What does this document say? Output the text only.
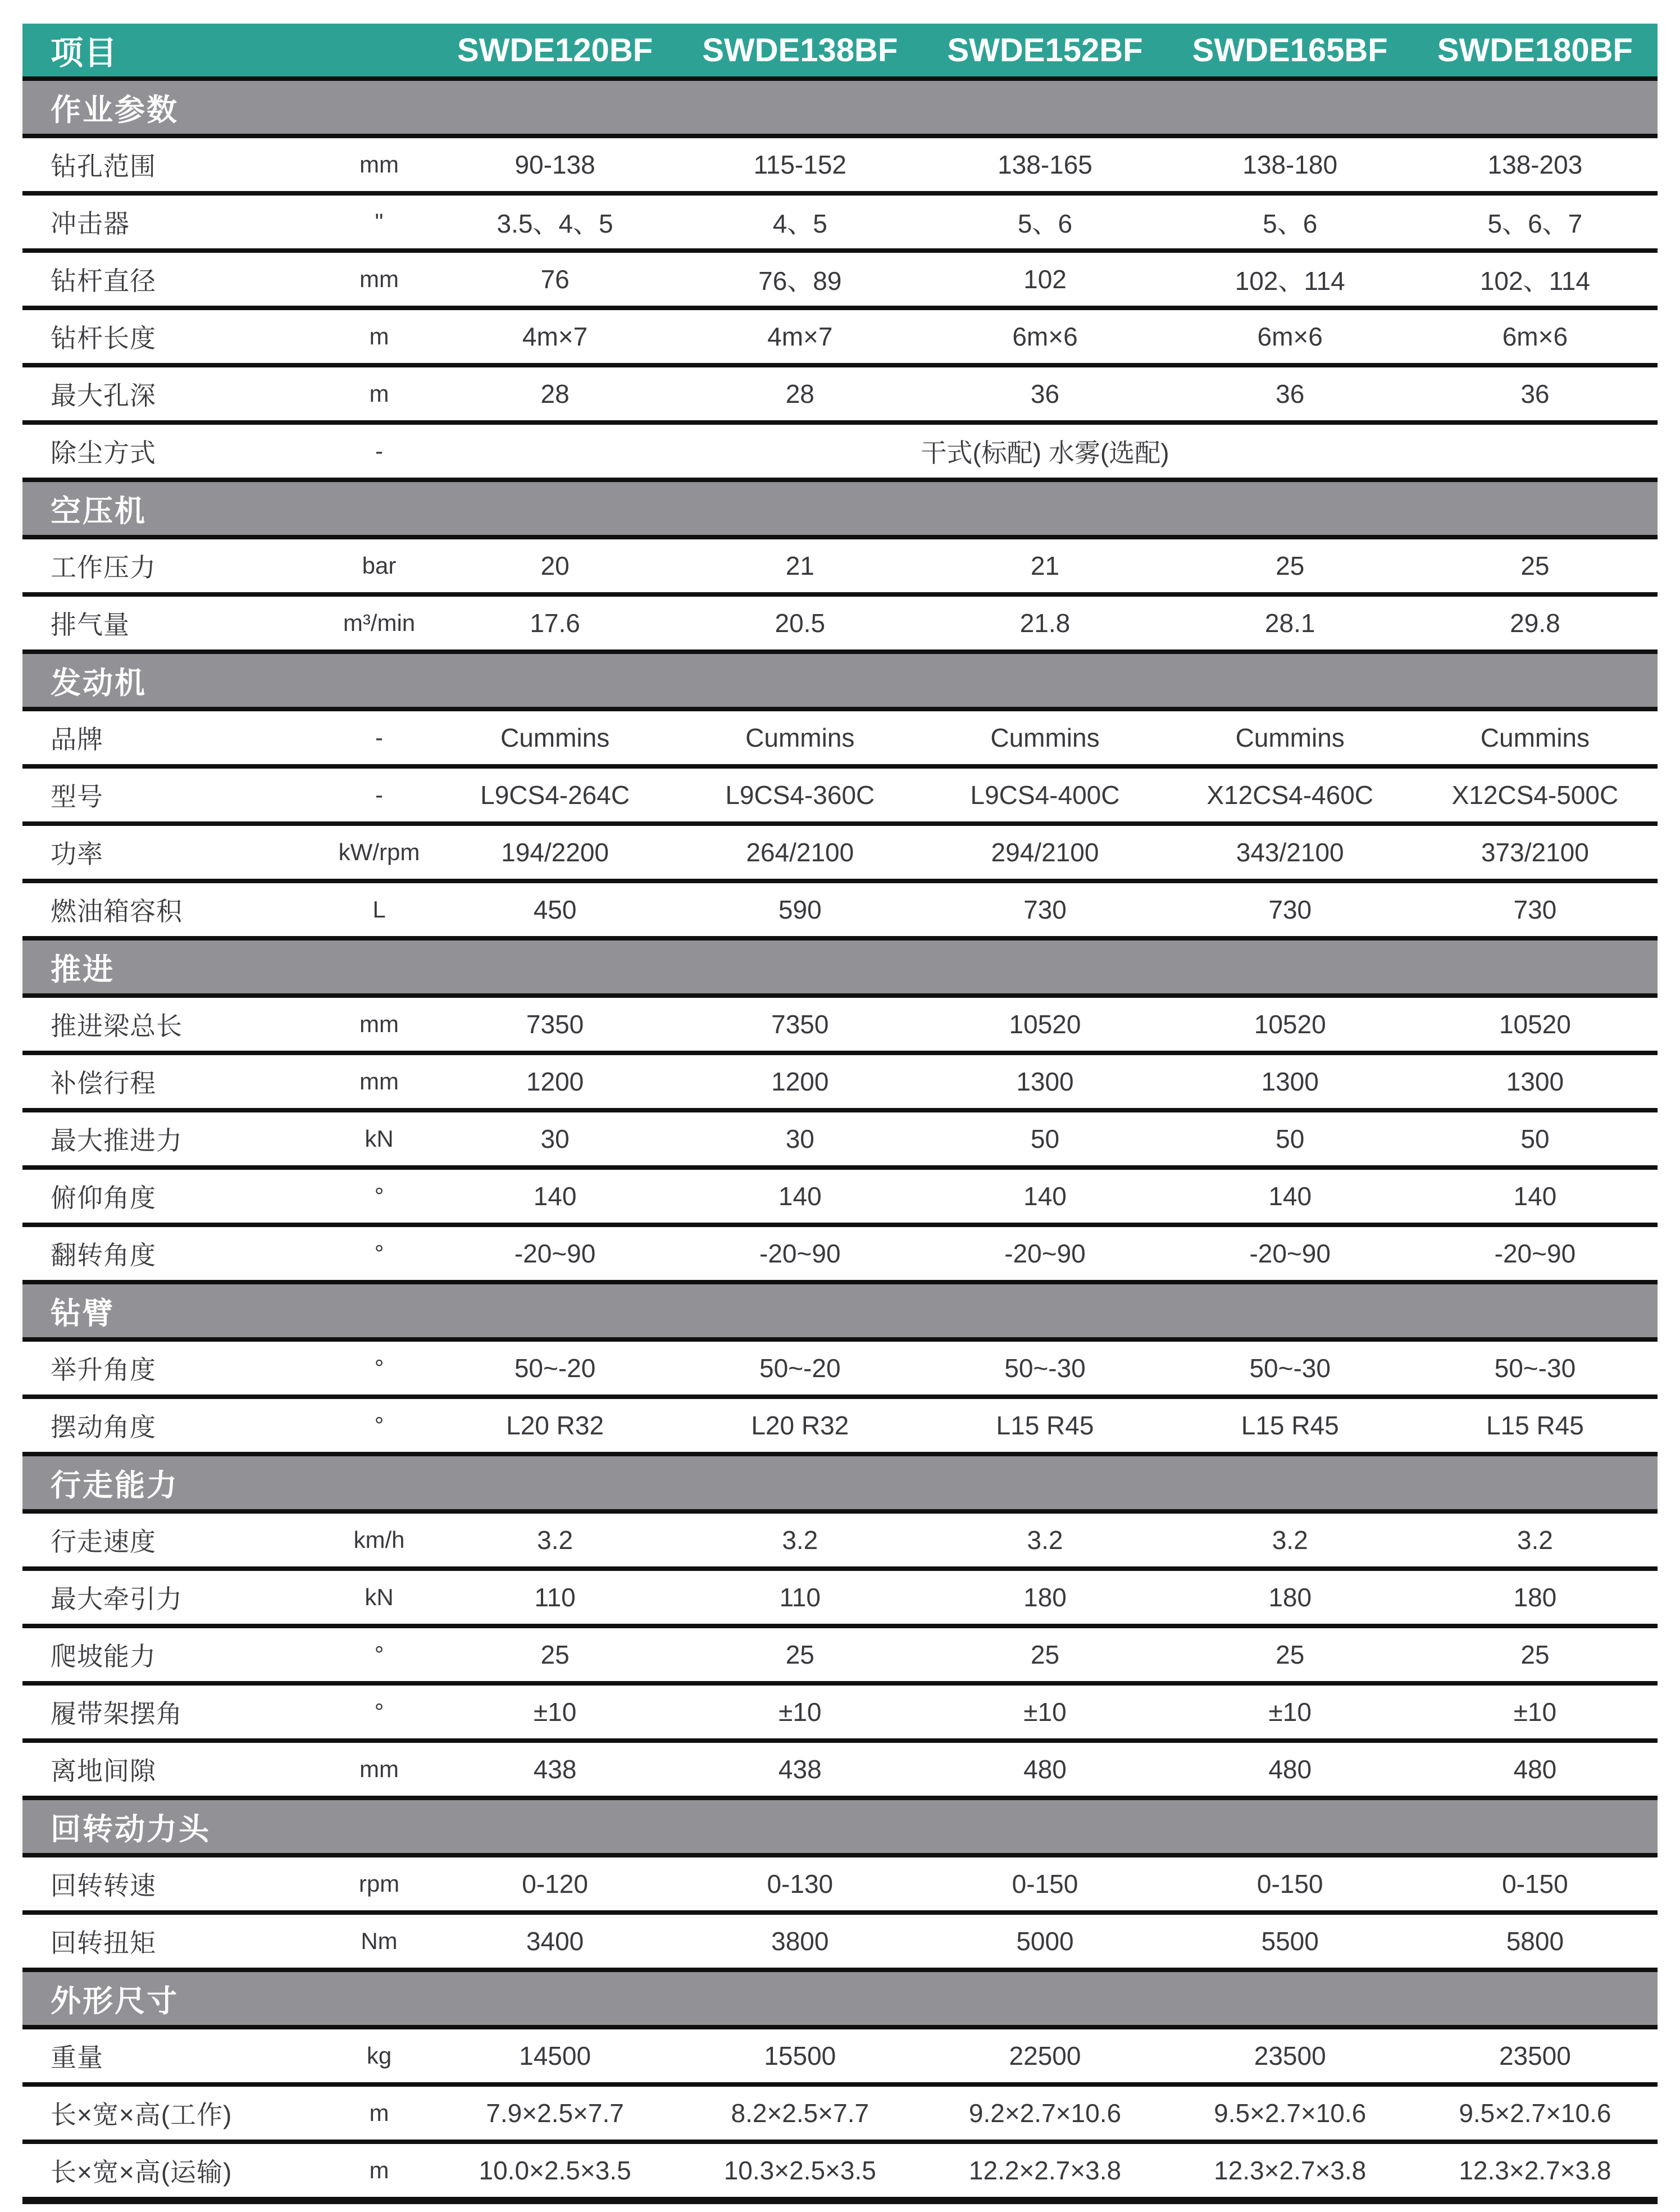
项目	SWDE120BF	SWDE138BF	SWDE152BF	SWDE165BF	SWDE180BF
作业参数
钻孔范围	mm	90-138	115-152	138-165	138-180	138-203
冲击器	"	3.5、4、5	4、5	5、6	5、6	5、6、7
钻杆直径	mm	76	76、89	102	102、114	102、114
钻杆长度	m	4m×7	4m×7	6m×6	6m×6	6m×6
最大孔深	m	28	28	36	36	36
除尘方式	-	干式(标配) 水雾(选配)
空压机
工作压力	bar	20	21	21	25	25
排气量	m³/min	17.6	20.5	21.8	28.1	29.8
发动机
品牌	-	Cummins	Cummins	Cummins	Cummins	Cummins
型号	-	L9CS4-264C	L9CS4-360C	L9CS4-400C	X12CS4-460C	X12CS4-500C
功率	kW/rpm	194/2200	264/2100	294/2100	343/2100	373/2100
燃油箱容积	L	450	590	730	730	730
推进
推进梁总长	mm	7350	7350	10520	10520	10520
补偿行程	mm	1200	1200	1300	1300	1300
最大推进力	kN	30	30	50	50	50
俯仰角度	°	140	140	140	140	140
翻转角度	°	-20~90	-20~90	-20~90	-20~90	-20~90
钻臂
举升角度	°	50~-20	50~-20	50~-30	50~-30	50~-30
摆动角度	°	L20 R32	L20 R32	L15 R45	L15 R45	L15 R45
行走能力
行走速度	km/h	3.2	3.2	3.2	3.2	3.2
最大牵引力	kN	110	110	180	180	180
爬坡能力	°	25	25	25	25	25
履带架摆角	°	±10	±10	±10	±10	±10
离地间隙	mm	438	438	480	480	480
回转动力头
回转转速	rpm	0-120	0-130	0-150	0-150	0-150
回转扭矩	Nm	3400	3800	5000	5500	5800
外形尺寸
重量	kg	14500	15500	22500	23500	23500
长×宽×高(工作)	m	7.9×2.5×7.7	8.2×2.5×7.7	9.2×2.7×10.6	9.5×2.7×10.6	9.5×2.7×10.6
长×宽×高(运输)	m	10.0×2.5×3.5	10.3×2.5×3.5	12.2×2.7×3.8	12.3×2.7×3.8	12.3×2.7×3.8
